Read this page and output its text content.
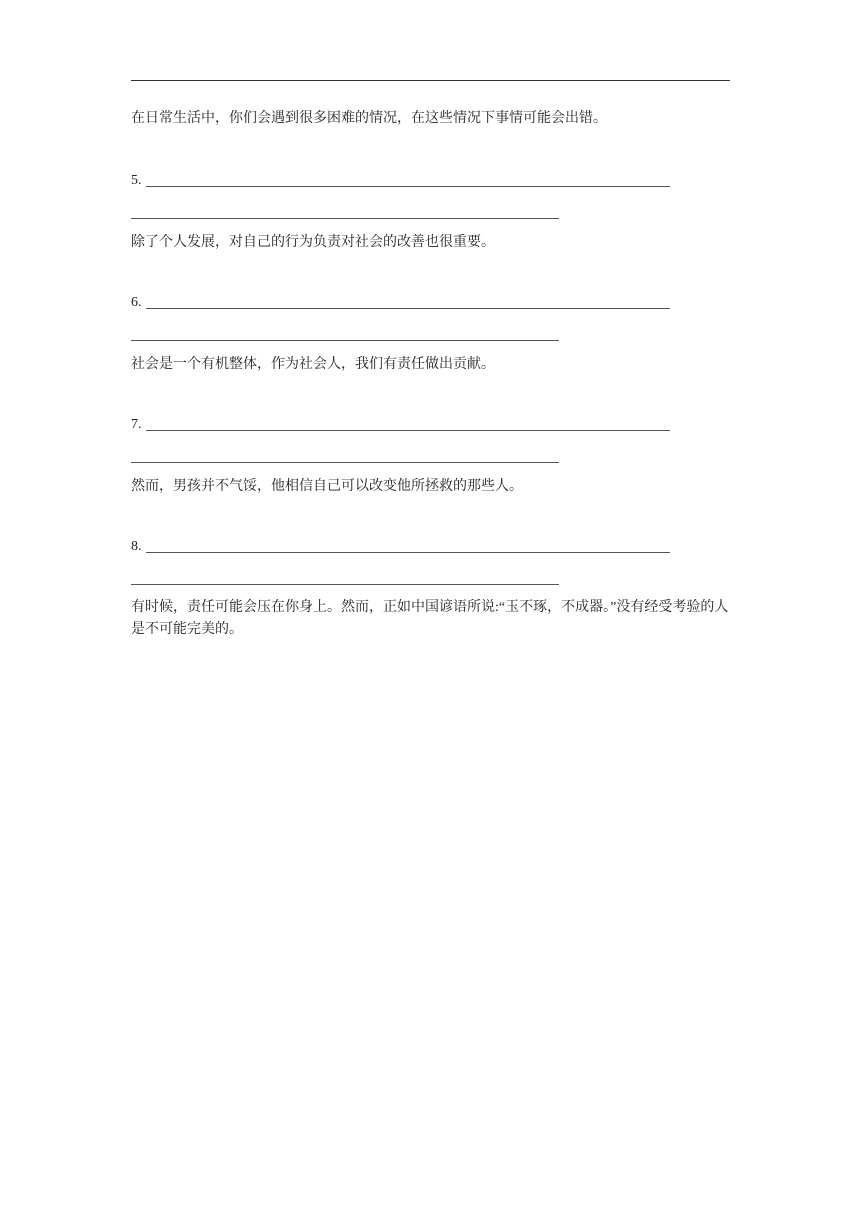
在日常生活中，你们会遇到很多困难的情况，在这些情况下事情可能会出错。
5.
除了个人发展，对自己的行为负责对社会的改善也很重要。
6.
社会是一个有机整体，作为社会人，我们有责任做出贡献。
7.
然而，男孩并不气馁，他相信自己可以改变他所拯救的那些人。
8.
有时候，责任可能会压在你身上。然而，正如中国谚语所说:“玉不琢，不成器。”没有经受考验的人是不可能完美的。
